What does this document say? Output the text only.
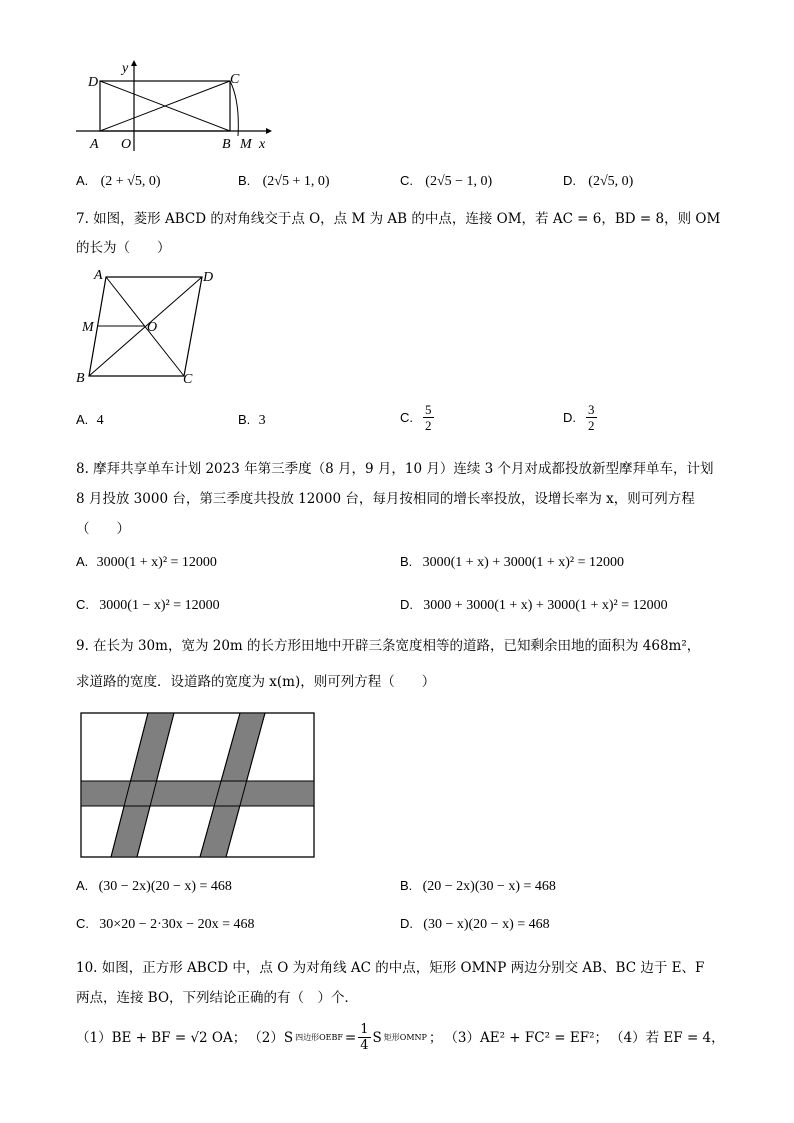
D	C
A O	B M x
y
A. (2 + √5, 0)	B. (2√5 + 1, 0)	C. (2√5 − 1, 0)	D. (2√5, 0)
7. 如图，菱形 ABCD 的对角线交于点 O，点 M 为 AB 的中点，连接 OM，若 AC = 6，BD = 8，则 OM
的长为（　　）
A	D
M	O
B	C
A. 4	B. 3	C. $\frac{5}{2}$	D. $\frac{3}{2}$
8. 摩拜共享单车计划 2023 年第三季度（8 月，9 月，10 月）连续 3 个月对成都投放新型摩拜单车，计划
8 月投放 3000 台，第三季度共投放 12000 台，每月按相同的增长率投放，设增长率为 x，则可列方程
（　　）
A. 3000(1 + x)² = 12000	B. 3000(1 + x) + 3000(1 + x)² = 12000
C. 3000(1 − x)² = 12000	D. 3000 + 3000(1 + x) + 3000(1 + x)² = 12000
9. 在长为 30m，宽为 20m 的长方形田地中开辟三条宽度相等的道路，已知剩余田地的面积为 468m²，
求道路的宽度．设道路的宽度为 x(m)，则可列方程（　　）
A. (30 − 2x)(20 − x) = 468	B. (20 − 2x)(30 − x) = 468
C. 30×20 − 2·30x − 20x = 468	D. (30 − x)(20 − x) = 468
10. 如图，正方形 ABCD 中，点 O 为对角线 AC 的中点，矩形 OMNP 两边分别交 AB、BC 边于 E、F
两点，连接 BO，下列结论正确的有（　）个．
（1）BE + BF = √2 OA； （2）S 四边形OEBF = $\frac{1}{4}$ S 矩形OMNP ； （3）AE² + FC² = EF²； （4）若 EF = 4，
